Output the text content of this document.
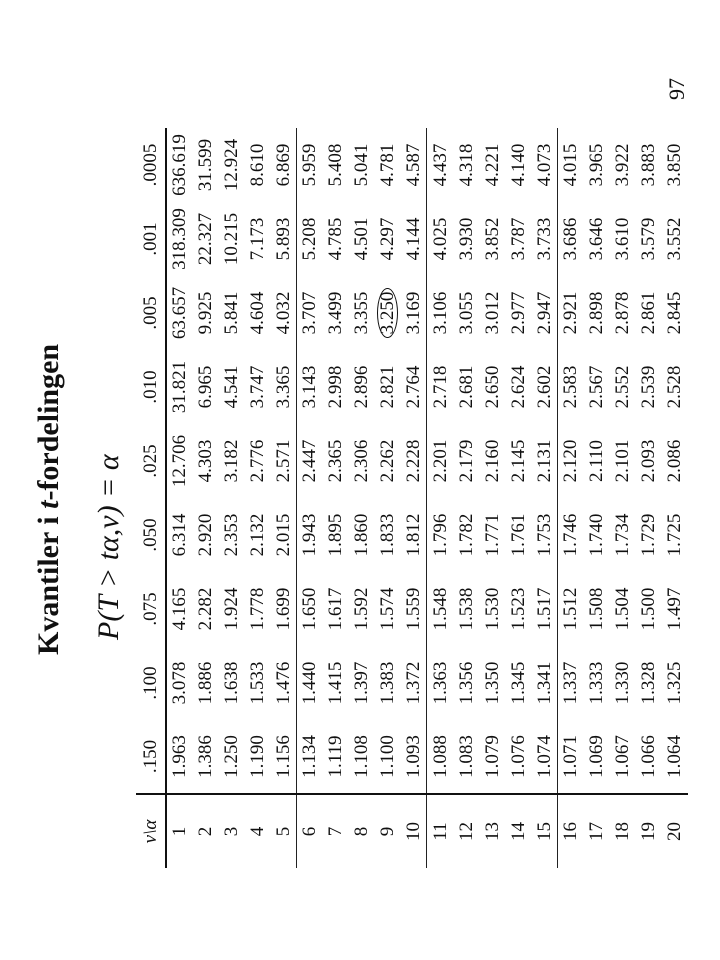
Kvantiler i t-fordelingen
P(T > tα,ν) = α
97
ν\α	.150	.100	.075	.050	.025	.010	.005	.001	.0005
1	1.963	3.078	4.165	6.314	12.706	31.821	63.657	318.309	636.619
2	1.386	1.886	2.282	2.920	4.303	6.965	9.925	22.327	31.599
3	1.250	1.638	1.924	2.353	3.182	4.541	5.841	10.215	12.924
4	1.190	1.533	1.778	2.132	2.776	3.747	4.604	7.173	8.610
5	1.156	1.476	1.699	2.015	2.571	3.365	4.032	5.893	6.869
6	1.134	1.440	1.650	1.943	2.447	3.143	3.707	5.208	5.959
7	1.119	1.415	1.617	1.895	2.365	2.998	3.499	4.785	5.408
8	1.108	1.397	1.592	1.860	2.306	2.896	3.355	4.501	5.041
9	1.100	1.383	1.574	1.833	2.262	2.821	3.250	4.297	4.781
10	1.093	1.372	1.559	1.812	2.228	2.764	3.169	4.144	4.587
11	1.088	1.363	1.548	1.796	2.201	2.718	3.106	4.025	4.437
12	1.083	1.356	1.538	1.782	2.179	2.681	3.055	3.930	4.318
13	1.079	1.350	1.530	1.771	2.160	2.650	3.012	3.852	4.221
14	1.076	1.345	1.523	1.761	2.145	2.624	2.977	3.787	4.140
15	1.074	1.341	1.517	1.753	2.131	2.602	2.947	3.733	4.073
16	1.071	1.337	1.512	1.746	2.120	2.583	2.921	3.686	4.015
17	1.069	1.333	1.508	1.740	2.110	2.567	2.898	3.646	3.965
18	1.067	1.330	1.504	1.734	2.101	2.552	2.878	3.610	3.922
19	1.066	1.328	1.500	1.729	2.093	2.539	2.861	3.579	3.883
20	1.064	1.325	1.497	1.725	2.086	2.528	2.845	3.552	3.850
